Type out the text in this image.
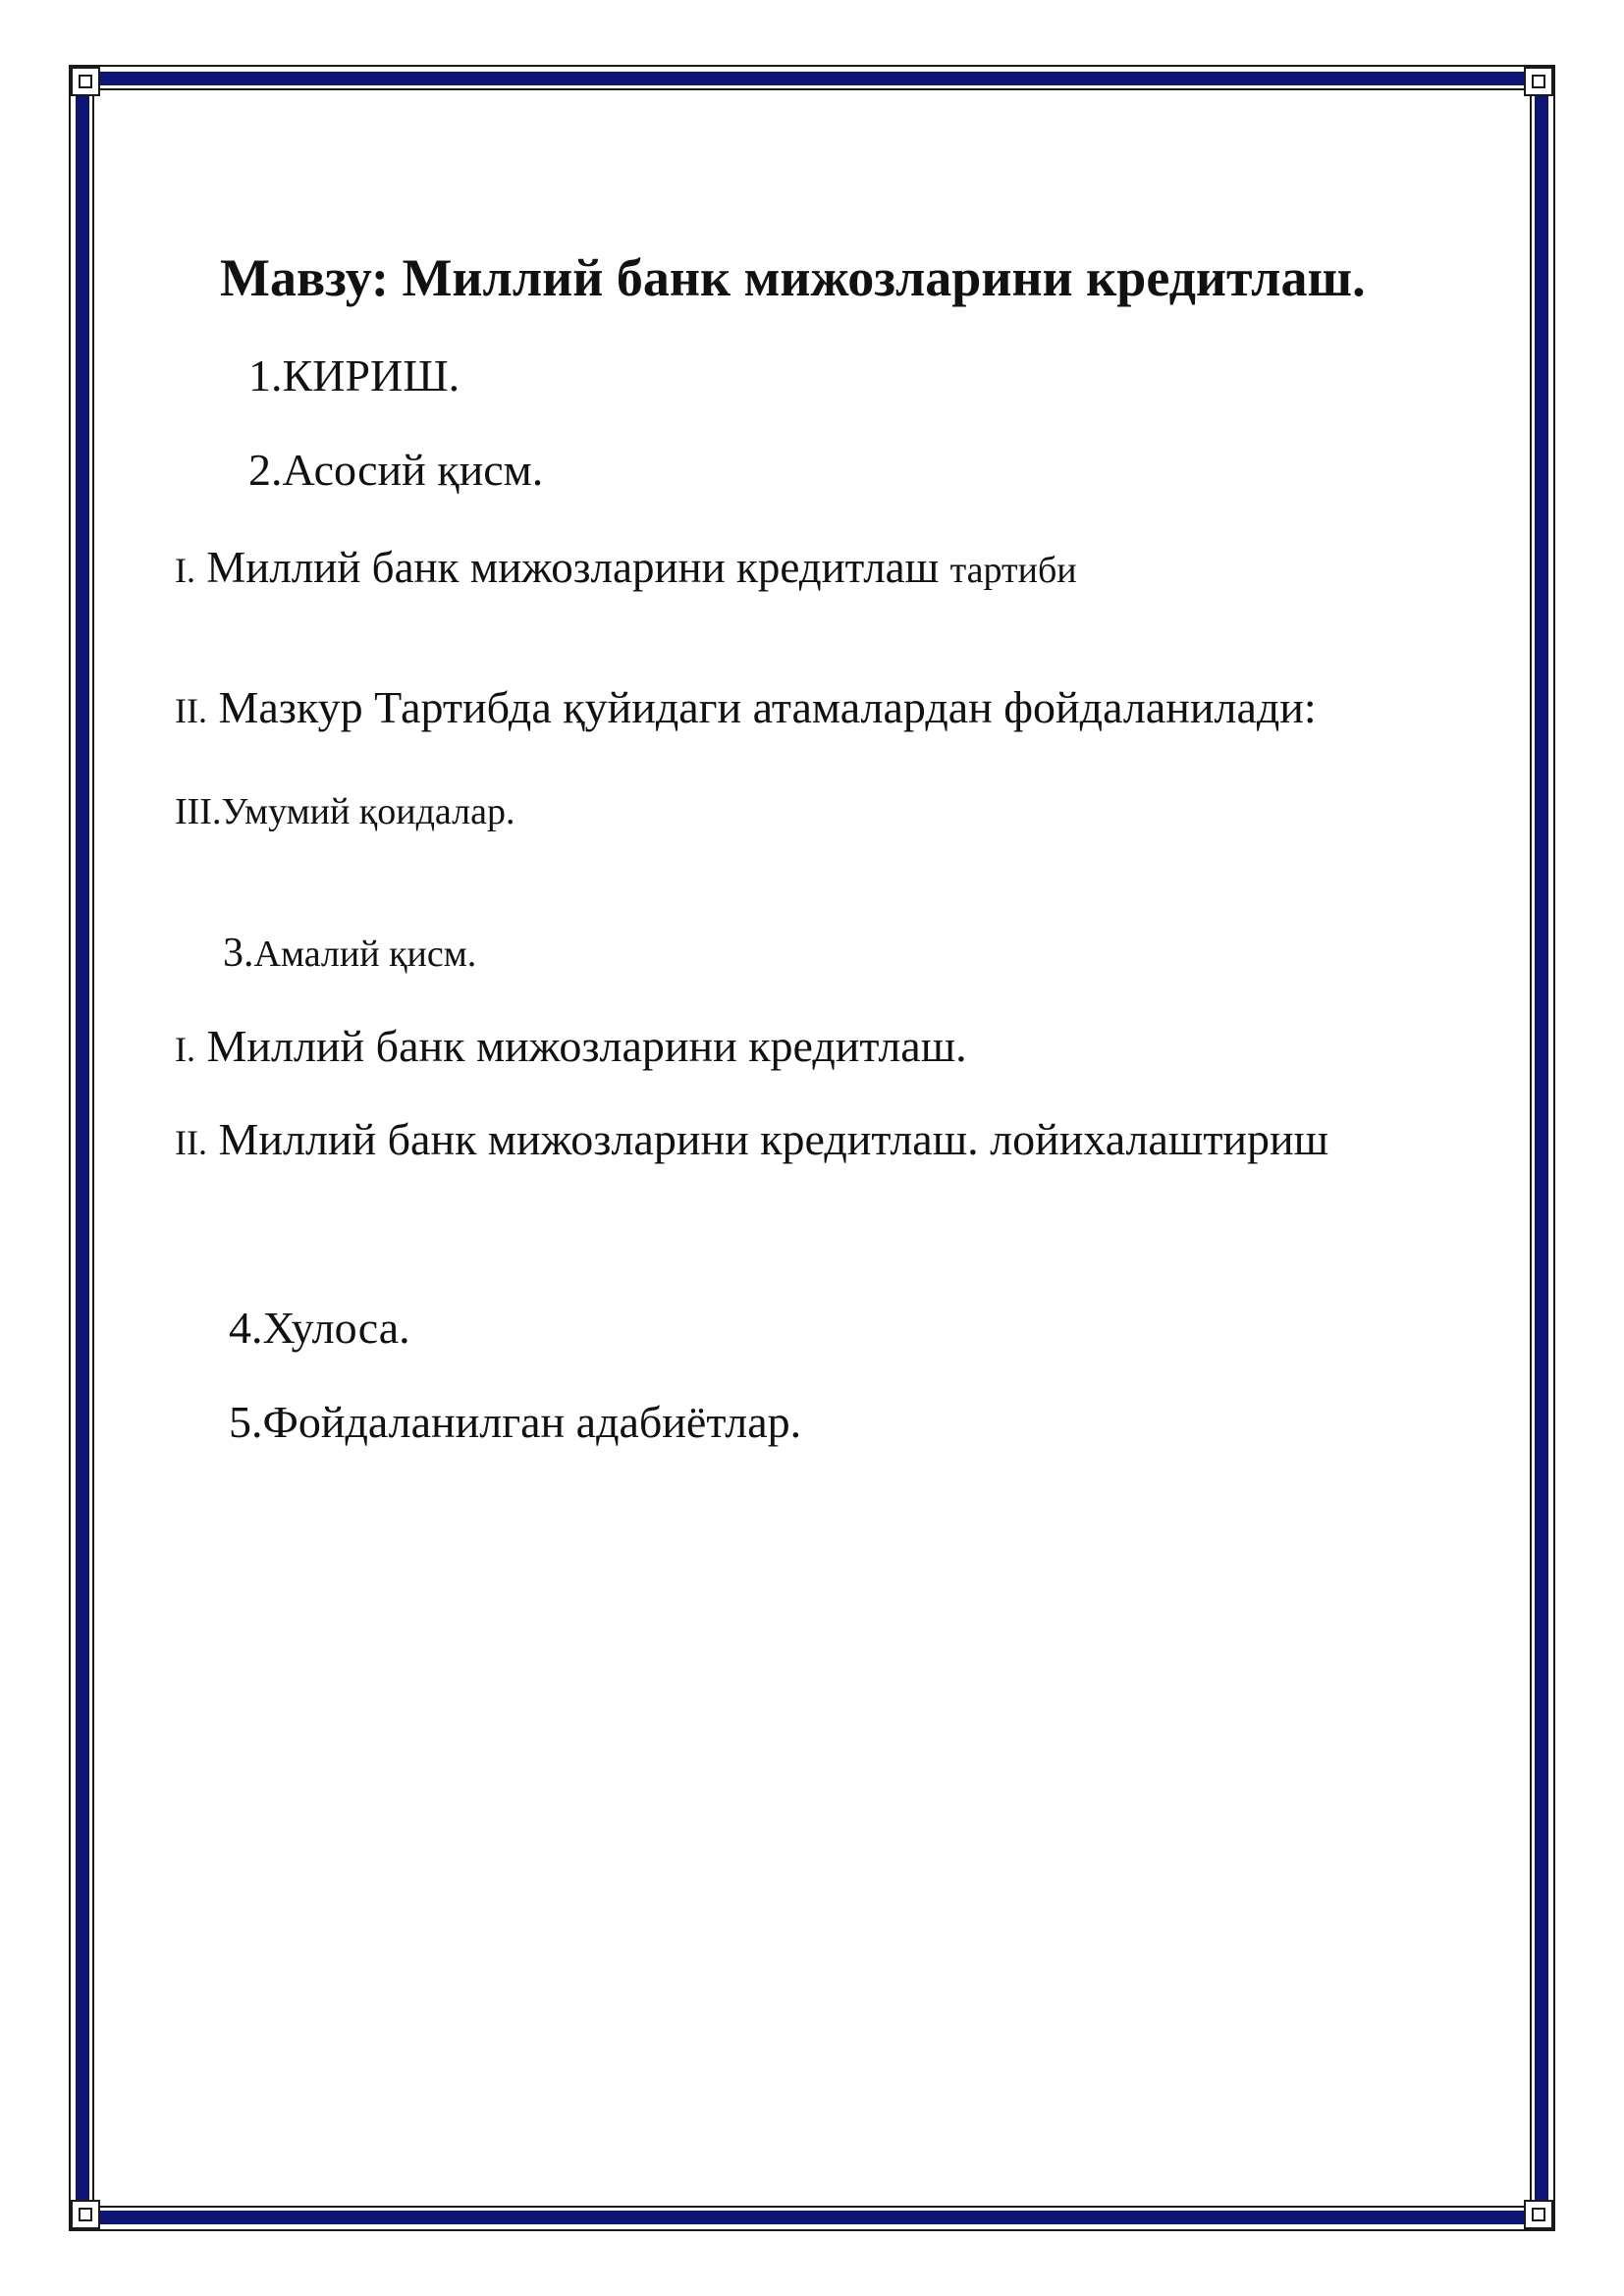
Мавзу: Миллий банк мижозларини кредитлаш.

1.КИРИШ.

2.Асосий қисм.

I. Миллий банк мижозларини кредитлаш тартиби

II. Мазкур Тартибда қуйидаги атамалардан фойдаланилади:

III.Умумий қоидалар.

3.Амалий қисм.

I. Миллий банк мижозларини кредитлаш.

II. Миллий банк мижозларини кредитлаш. лойихалаштириш

4.Хулоса.

5.Фойдаланилган адабиётлар.
